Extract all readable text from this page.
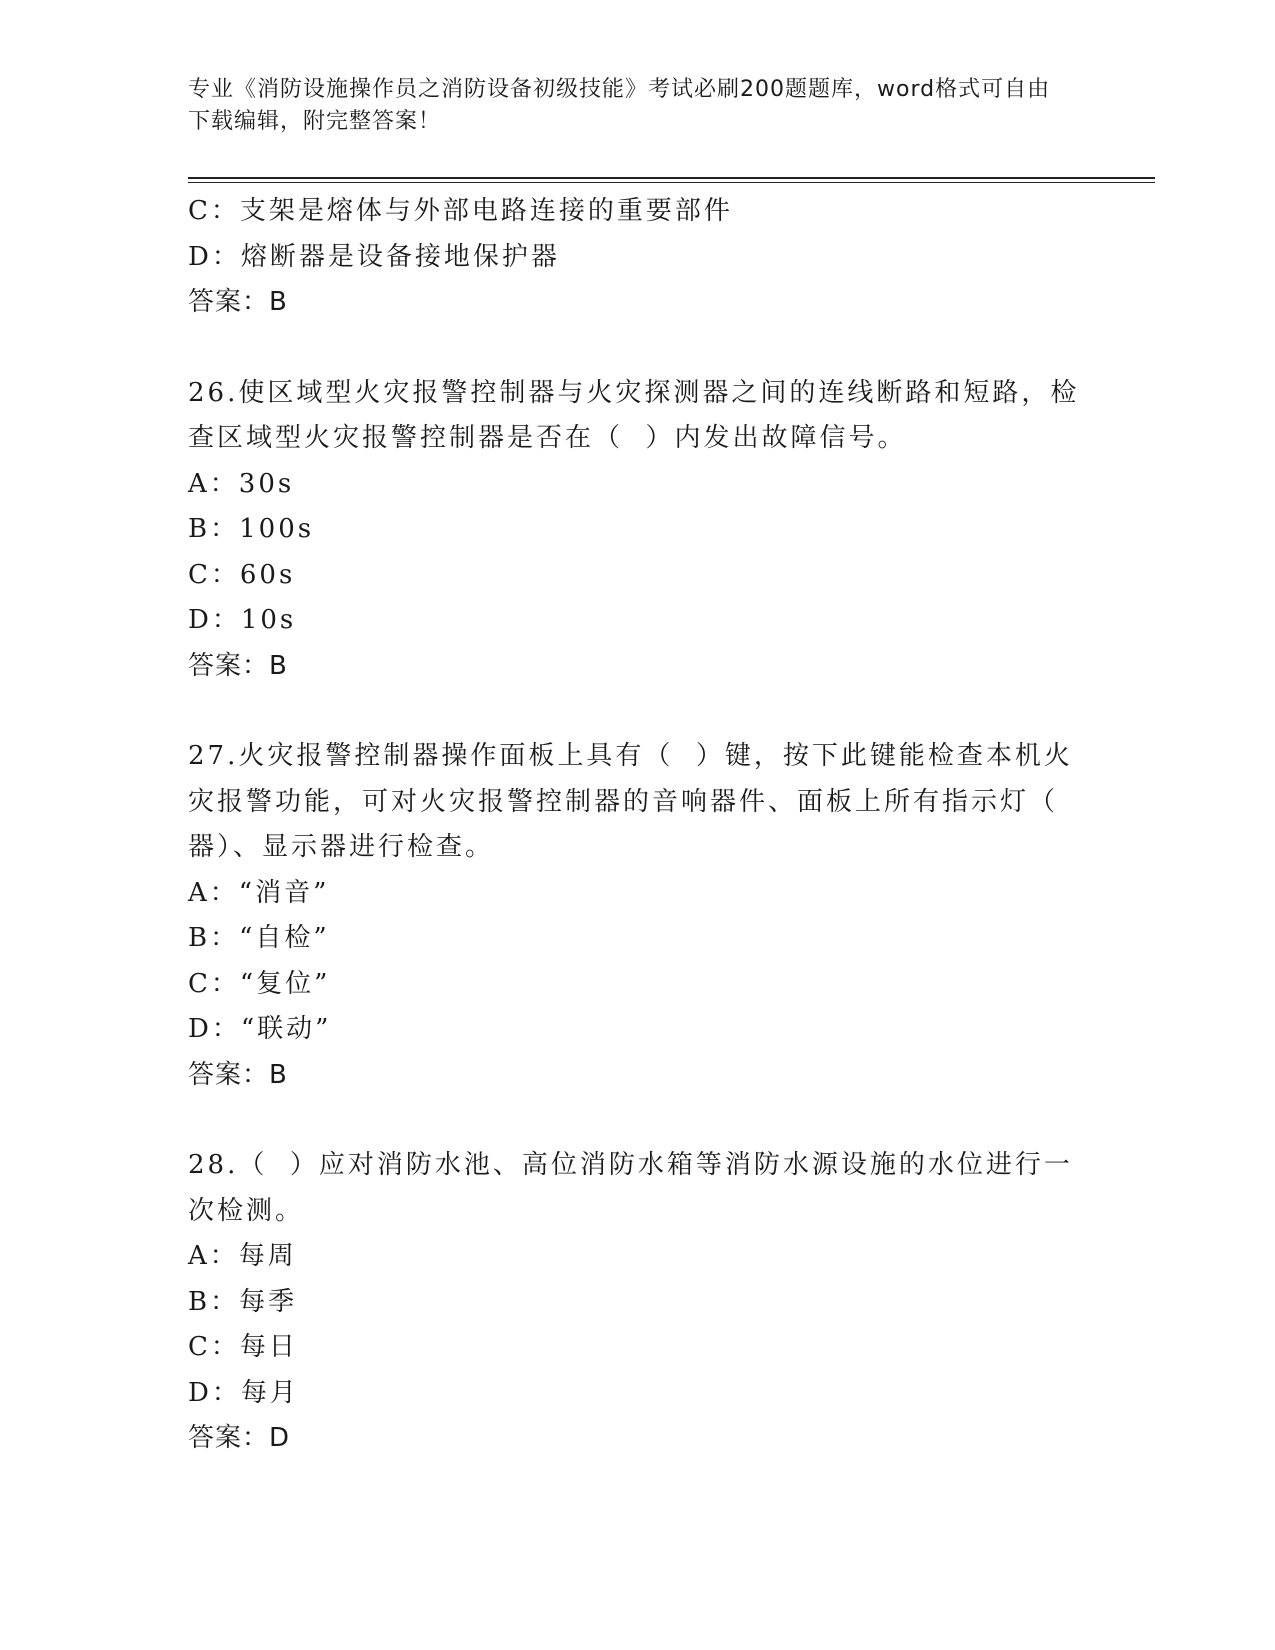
专业《消防设施操作员之消防设备初级技能》考试必刷200题题库，word格式可自由下载编辑，附完整答案！
C：支架是熔体与外部电路连接的重要部件
D：熔断器是设备接地保护器
答案：B
26.使区域型火灾报警控制器与火灾探测器之间的连线断路和短路，检
查区域型火灾报警控制器是否在（  ）内发出故障信号。
A：30s
B：100s
C：60s
D：10s
答案：B
27.火灾报警控制器操作面板上具有（  ）键，按下此键能检查本机火
灾报警功能，可对火灾报警控制器的音响器件、面板上所有指示灯（
器）、显示器进行检查。
A：“消音”
B：“自检”
C：“复位”
D：“联动”
答案：B
28.（  ）应对消防水池、高位消防水箱等消防水源设施的水位进行一
次检测。
A：每周
B：每季
C：每日
D：每月
答案：D
